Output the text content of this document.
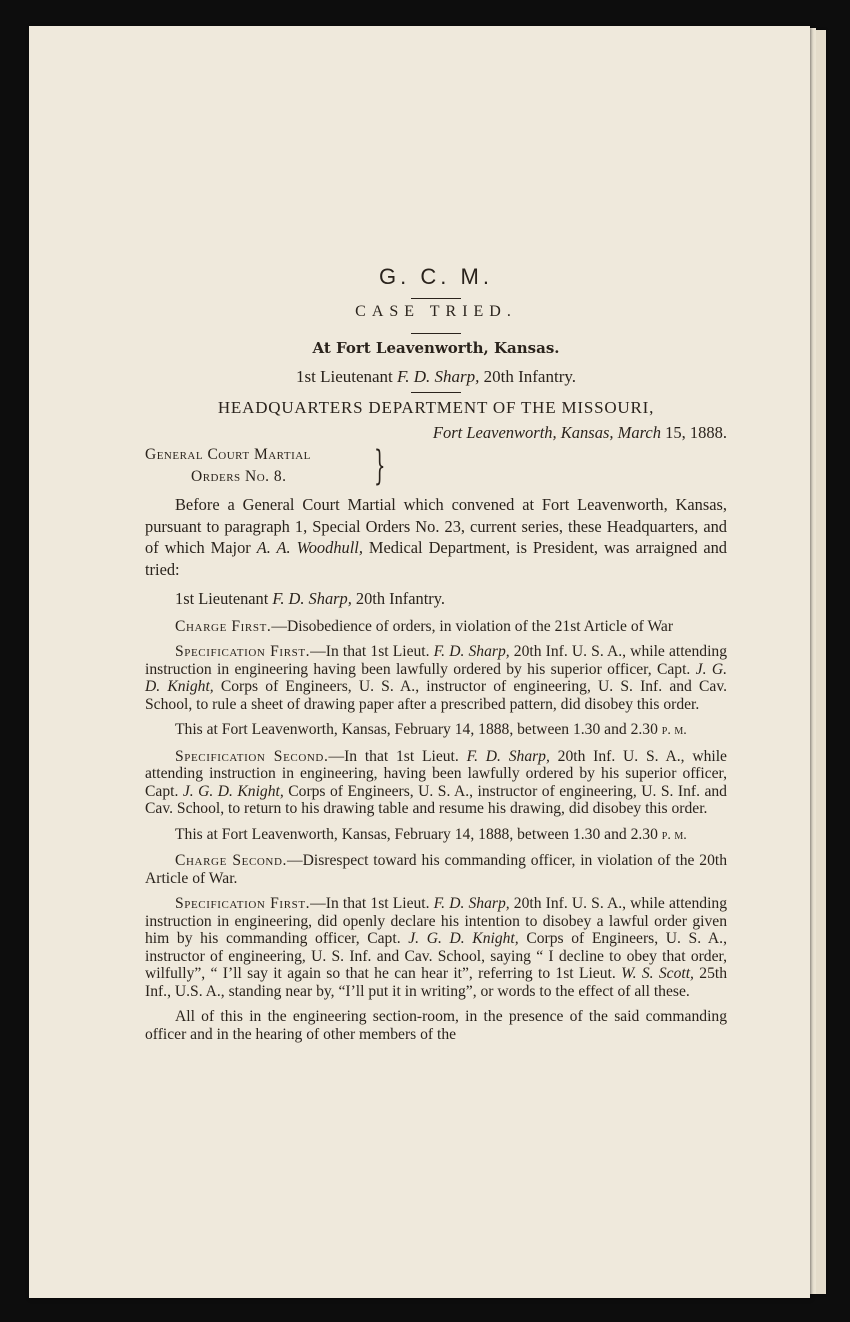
G. C. M.
CASE TRIED.
At Fort Leavenworth, Kansas.
1st Lieutenant F. D. Sharp, 20th Infantry.
HEADQUARTERS DEPARTMENT OF THE MISSOURI,
Fort Leavenworth, Kansas, March 15, 1888.
General Court Martial
Orders No. 8.	}

Before a General Court Martial which convened at Fort Leavenworth, Kansas, pursuant to paragraph 1, Special Orders No. 23, current series, these Headquarters, and of which Major A. A. Woodhull, Medical Department, is President, was arraigned and tried:

1st Lieutenant F. D. Sharp, 20th Infantry.

Charge First.—Disobedience of orders, in violation of the 21st Article of War

Specification First.—In that 1st Lieut. F. D. Sharp, 20th Inf. U. S. A., while attending instruction in engineering having been lawfully ordered by his superior officer, Capt. J. G. D. Knight, Corps of Engineers, U. S. A., instructor of engineering, U. S. Inf. and Cav. School, to rule a sheet of drawing paper after a prescribed pattern, did disobey this order.

This at Fort Leavenworth, Kansas, February 14, 1888, between 1.30 and 2.30 p. m.

Specification Second.—In that 1st Lieut. F. D. Sharp, 20th Inf. U. S. A., while attending instruction in engineering, having been lawfully ordered by his superior officer, Capt. J. G. D. Knight, Corps of Engineers, U. S. A., instructor of engineering, U. S. Inf. and Cav. School, to return to his drawing table and resume his drawing, did disobey this order.

This at Fort Leavenworth, Kansas, February 14, 1888, between 1.30 and 2.30 p. m.

Charge Second.—Disrespect toward his commanding officer, in violation of the 20th Article of War.

Specification First.—In that 1st Lieut. F. D. Sharp, 20th Inf. U. S. A., while attending instruction in engineering, did openly declare his intention to disobey a lawful order given him by his commanding officer, Capt. J. G. D. Knight, Corps of Engineers, U. S. A., instructor of engineering, U. S. Inf. and Cav. School, saying “ I decline to obey that order, wilfully”, “ I’ll say it again so that he can hear it”, referring to 1st Lieut. W. S. Scott, 25th Inf., U.S. A., standing near by, “I’ll put it in writing”, or words to the effect of all these.

All of this in the engineering section-room, in the presence of the said commanding officer and in the hearing of other members of the
